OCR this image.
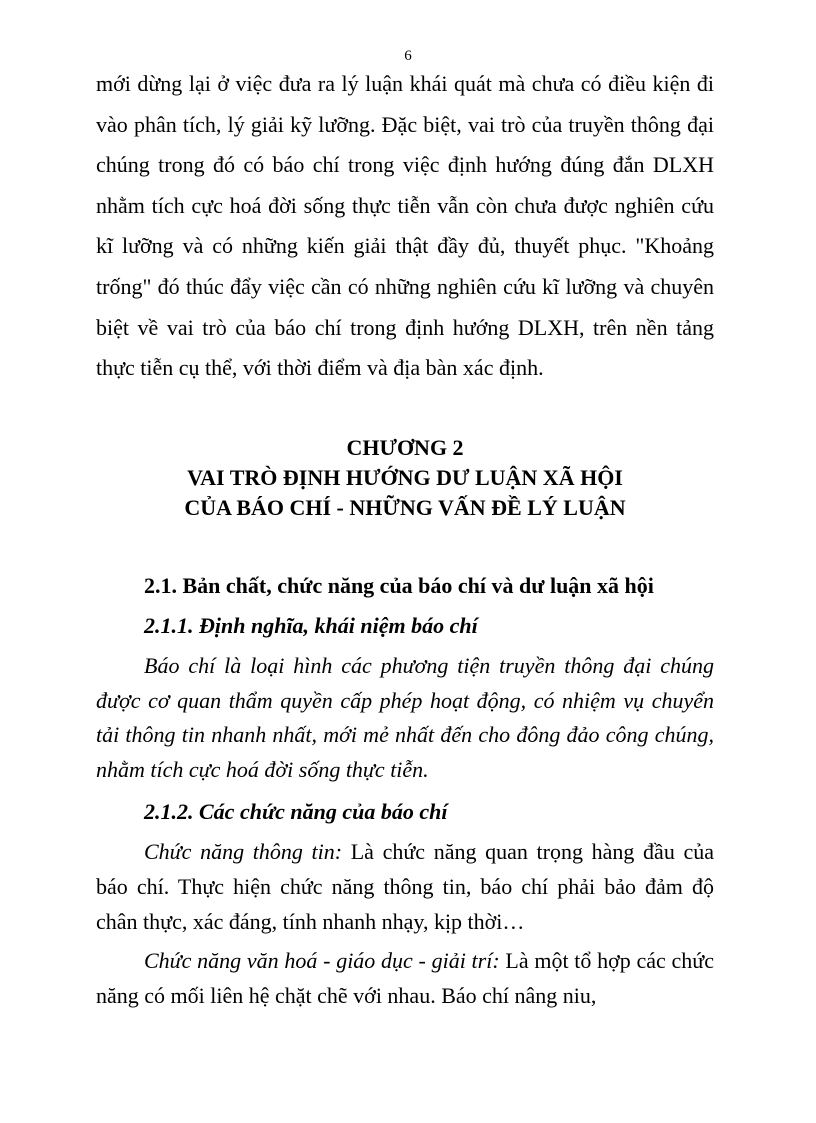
6

mới dừng lại ở việc đưa ra lý luận khái quát mà chưa có điều kiện đi vào phân tích, lý giải kỹ lưỡng. Đặc biệt, vai trò của truyền thông đại chúng trong đó có báo chí trong việc định hướng đúng đắn DLXH nhằm tích cực hoá đời sống thực tiễn vẫn còn chưa được nghiên cứu kĩ lưỡng và có những kiến giải thật đầy đủ, thuyết phục. "Khoảng trống" đó thúc đẩy việc cần có những nghiên cứu kĩ lưỡng và chuyên biệt về vai trò của báo chí trong định hướng DLXH, trên nền tảng thực tiễn cụ thể, với thời điểm và địa bàn xác định.

CHƯƠNG 2
VAI TRÒ ĐỊNH HƯỚNG DƯ LUẬN XÃ HỘI
CỦA BÁO CHÍ - NHỮNG VẤN ĐỀ LÝ LUẬN
2.1. Bản chất, chức năng của báo chí và dư luận xã hội
2.1.1. Định nghĩa, khái niệm báo chí

Báo chí là loại hình các phương tiện truyền thông đại chúng được cơ quan thẩm quyền cấp phép hoạt động, có nhiệm vụ chuyển tải thông tin nhanh nhất, mới mẻ nhất đến cho đông đảo công chúng, nhằm tích cực hoá đời sống thực tiễn.

2.1.2. Các chức năng của báo chí

Chức năng thông tin: Là chức năng quan trọng hàng đầu của báo chí. Thực hiện chức năng thông tin, báo chí phải bảo đảm độ chân thực, xác đáng, tính nhanh nhạy, kịp thời…

Chức năng văn hoá - giáo dục - giải trí: Là một tổ hợp các chức năng có mối liên hệ chặt chẽ với nhau. Báo chí nâng niu,
